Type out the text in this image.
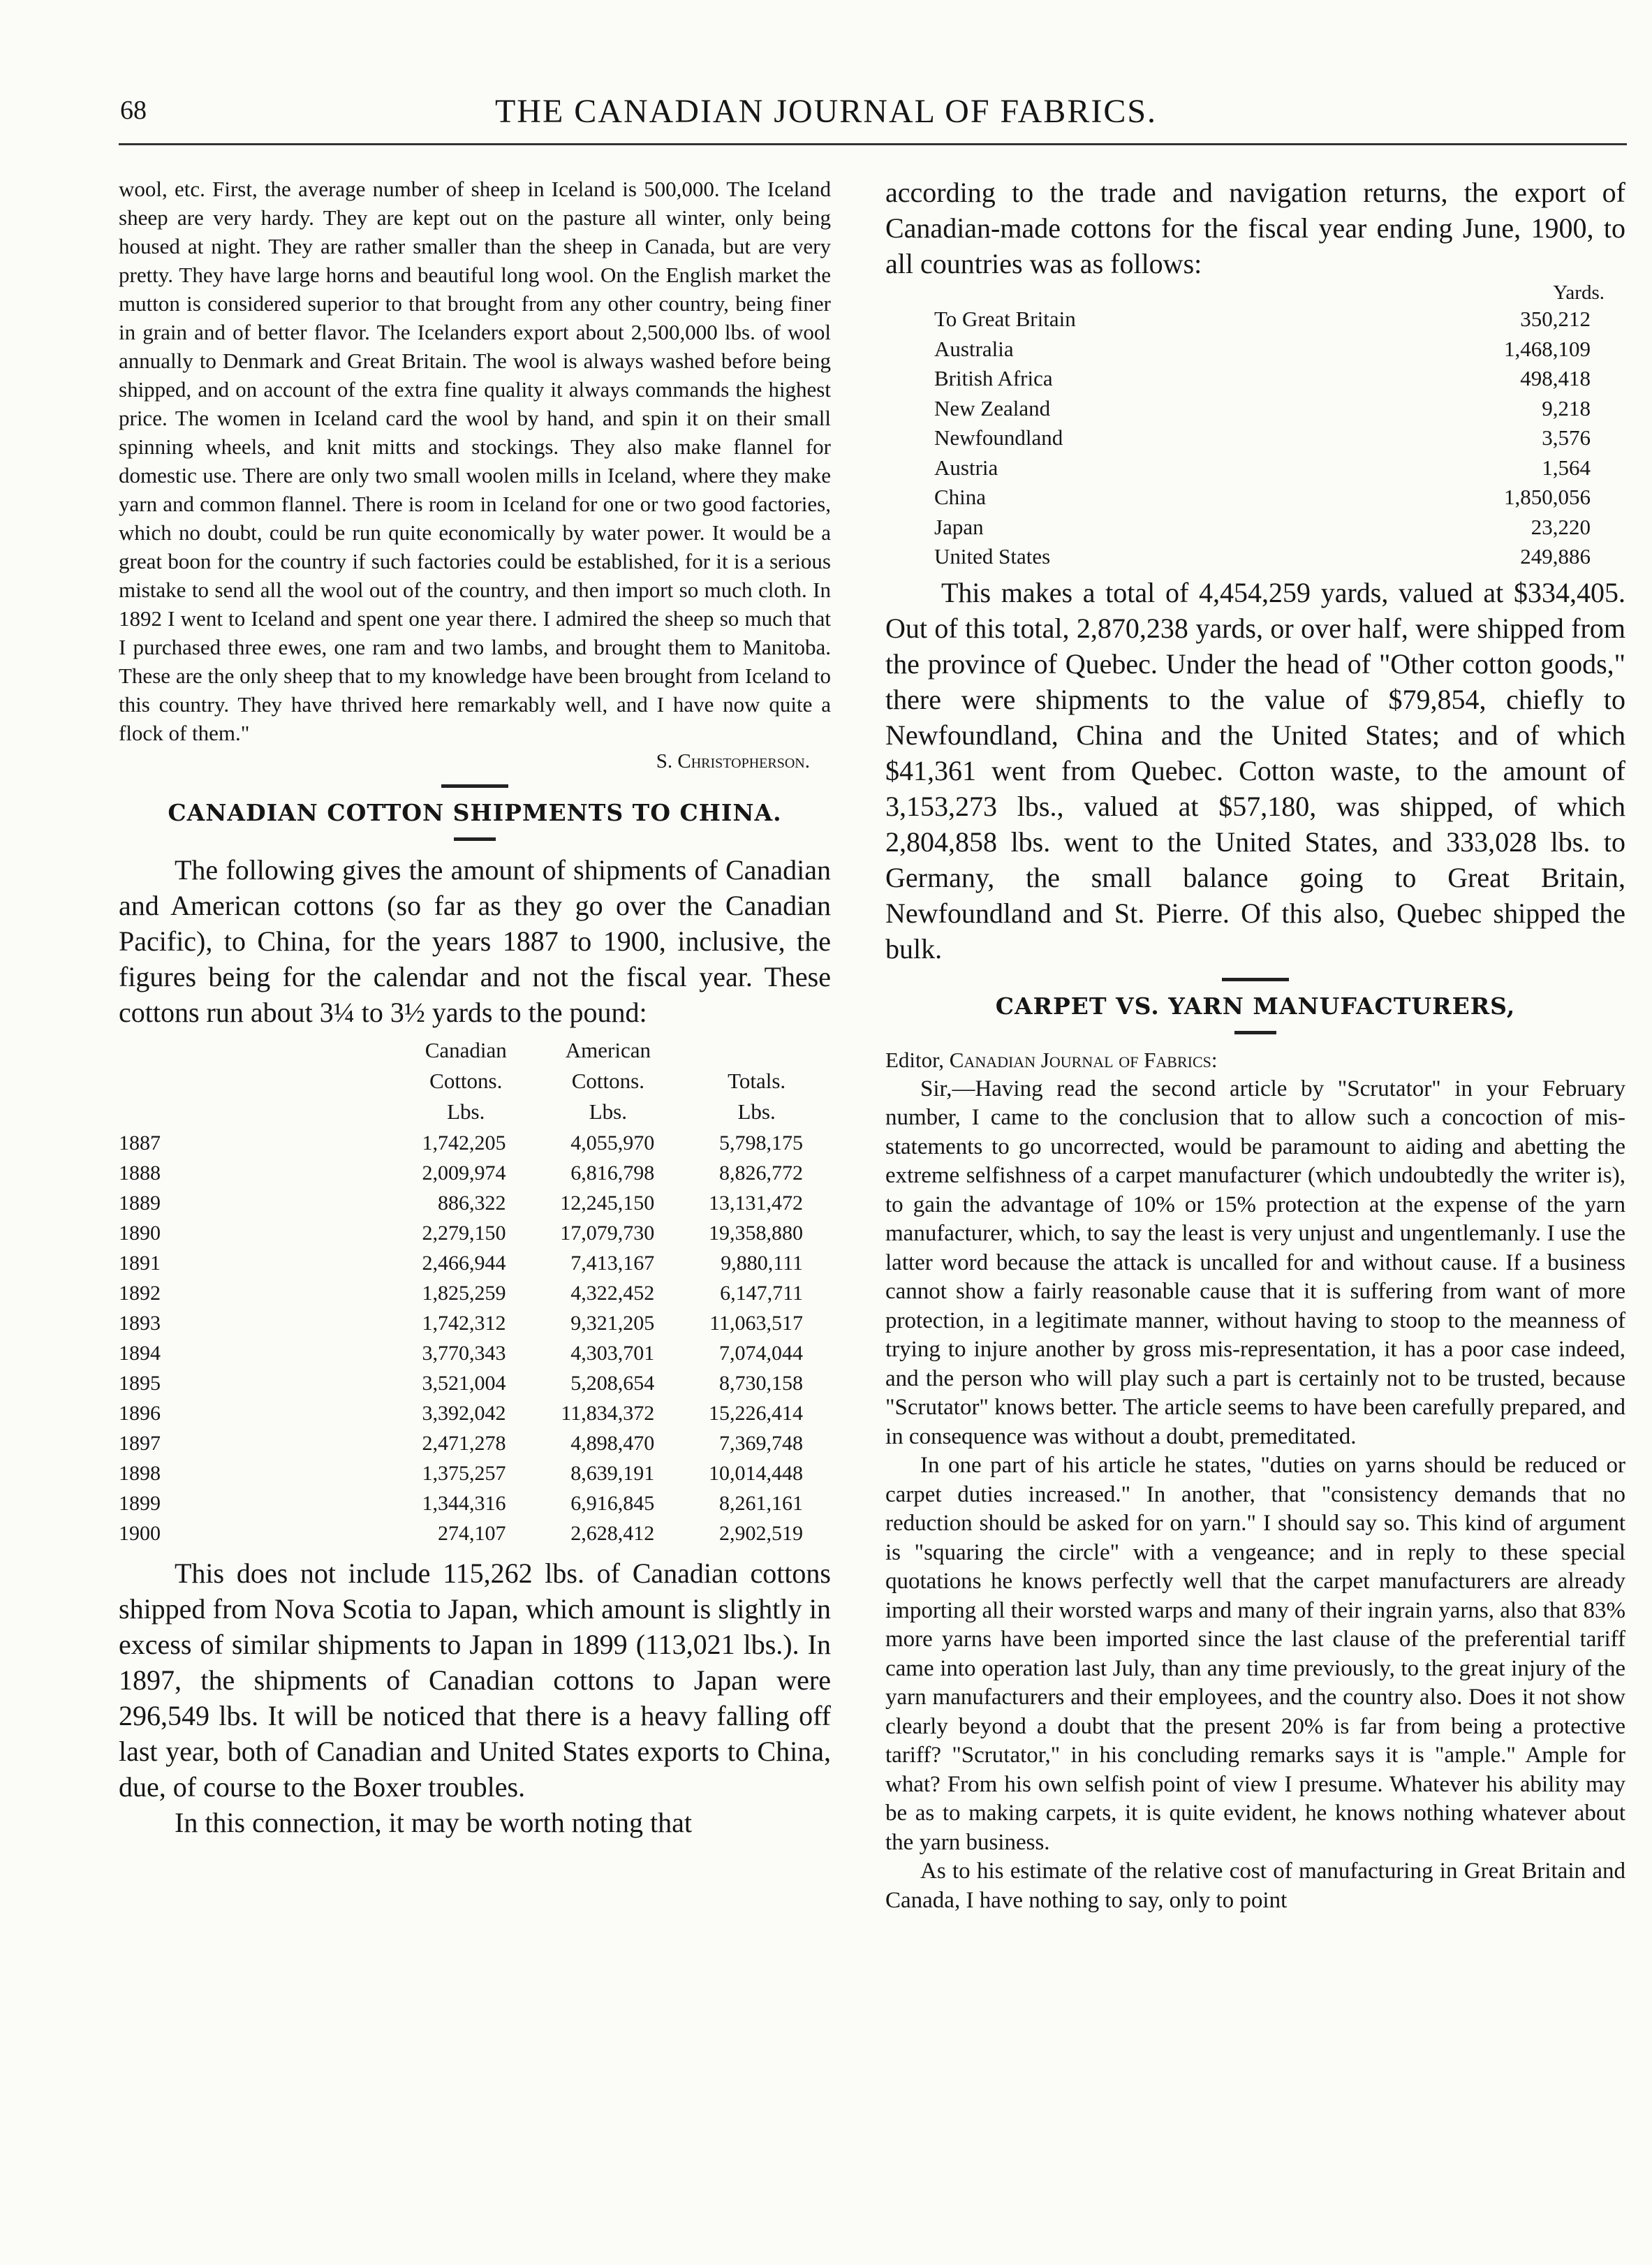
68	THE CANADIAN JOURNAL OF FABRICS.

wool, etc. First, the average number of sheep in Iceland is 500,000. The Iceland sheep are very hardy. They are kept out on the pasture all winter, only being housed at night. They are rather smaller than the sheep in Canada, but are very pretty. They have large horns and beautiful long wool. On the English market the mutton is considered superior to that brought from any other country, being finer in grain and of better flavor. The Icelanders export about 2,500,000 lbs. of wool annually to Denmark and Great Britain. The wool is always washed before being shipped, and on account of the extra fine quality it always commands the highest price. The women in Iceland card the wool by hand, and spin it on their small spinning wheels, and knit mitts and stockings. They also make flannel for domestic use. There are only two small woolen mills in Iceland, where they make yarn and common flannel. There is room in Iceland for one or two good factories, which no doubt, could be run quite economically by water power. It would be a great boon for the country if such factories could be established, for it is a serious mistake to send all the wool out of the country, and then import so much cloth. In 1892 I went to Iceland and spent one year there. I admired the sheep so much that I purchased three ewes, one ram and two lambs, and brought them to Manitoba. These are the only sheep that to my knowledge have been brought from Iceland to this country. They have thrived here remarkably well, and I have now quite a flock of them."

S. Christopherson.
CANADIAN COTTON SHIPMENTS TO CHINA.

The following gives the amount of shipments of Canadian and American cottons (so far as they go over the Canadian Pacific), to China, for the years 1887 to 1900, inclusive, the figures being for the calendar and not the fiscal year. These cottons run about 3¼ to 3½ yards to the pound:

	Canadian
Cottons.
Lbs.	American
Cottons.
Lbs.	Totals.
Lbs.
1887	1,742,205	4,055,970	5,798,175
1888	2,009,974	6,816,798	8,826,772
1889	886,322	12,245,150	13,131,472
1890	2,279,150	17,079,730	19,358,880
1891	2,466,944	7,413,167	9,880,111
1892	1,825,259	4,322,452	6,147,711
1893	1,742,312	9,321,205	11,063,517
1894	3,770,343	4,303,701	7,074,044
1895	3,521,004	5,208,654	8,730,158
1896	3,392,042	11,834,372	15,226,414
1897	2,471,278	4,898,470	7,369,748
1898	1,375,257	8,639,191	10,014,448
1899	1,344,316	6,916,845	8,261,161
1900	274,107	2,628,412	2,902,519

This does not include 115,262 lbs. of Canadian cottons shipped from Nova Scotia to Japan, which amount is slightly in excess of similar shipments to Japan in 1899 (113,021 lbs.). In 1897, the shipments of Canadian cottons to Japan were 296,549 lbs. It will be noticed that there is a heavy falling off last year, both of Canadian and United States exports to China, due, of course to the Boxer troubles.

In this connection, it may be worth noting that

according to the trade and navigation returns, the export of Canadian-made cottons for the fiscal year ending June, 1900, to all countries was as follows:

Yards.
To Great Britain	350,212
Australia	1,468,109
British Africa	498,418
New Zealand	9,218
Newfoundland	3,576
Austria	1,564
China	1,850,056
Japan	23,220
United States	249,886

This makes a total of 4,454,259 yards, valued at $334,405. Out of this total, 2,870,238 yards, or over half, were shipped from the province of Quebec. Under the head of "Other cotton goods," there were shipments to the value of $79,854, chiefly to Newfoundland, China and the United States; and of which $41,361 went from Quebec. Cotton waste, to the amount of 3,153,273 lbs., valued at $57,180, was shipped, of which 2,804,858 lbs. went to the United States, and 333,028 lbs. to Germany, the small balance going to Great Britain, Newfoundland and St. Pierre. Of this also, Quebec shipped the bulk.

CARPET VS. YARN MANUFACTURERS,
Editor, Canadian Journal of Fabrics:

Sir,—Having read the second article by "Scrutator" in your February number, I came to the conclusion that to allow such a concoction of mis-statements to go uncorrected, would be paramount to aiding and abetting the extreme selfishness of a carpet manufacturer (which undoubtedly the writer is), to gain the advantage of 10% or 15% protection at the expense of the yarn manufacturer, which, to say the least is very unjust and ungentlemanly. I use the latter word because the attack is uncalled for and without cause. If a business cannot show a fairly reasonable cause that it is suffering from want of more protection, in a legitimate manner, without having to stoop to the meanness of trying to injure another by gross mis-representation, it has a poor case indeed, and the person who will play such a part is certainly not to be trusted, because "Scrutator" knows better. The article seems to have been carefully prepared, and in consequence was without a doubt, premeditated.

In one part of his article he states, "duties on yarns should be reduced or carpet duties increased." In another, that "consistency demands that no reduction should be asked for on yarn." I should say so. This kind of argument is "squaring the circle" with a vengeance; and in reply to these special quotations he knows perfectly well that the carpet manufacturers are already importing all their worsted warps and many of their ingrain yarns, also that 83% more yarns have been imported since the last clause of the preferential tariff came into operation last July, than any time previously, to the great injury of the yarn manufacturers and their employees, and the country also. Does it not show clearly beyond a doubt that the present 20% is far from being a protective tariff? "Scrutator," in his concluding remarks says it is "ample." Ample for what? From his own selfish point of view I presume. Whatever his ability may be as to making carpets, it is quite evident, he knows nothing whatever about the yarn business.

As to his estimate of the relative cost of manufacturing in Great Britain and Canada, I have nothing to say, only to point
